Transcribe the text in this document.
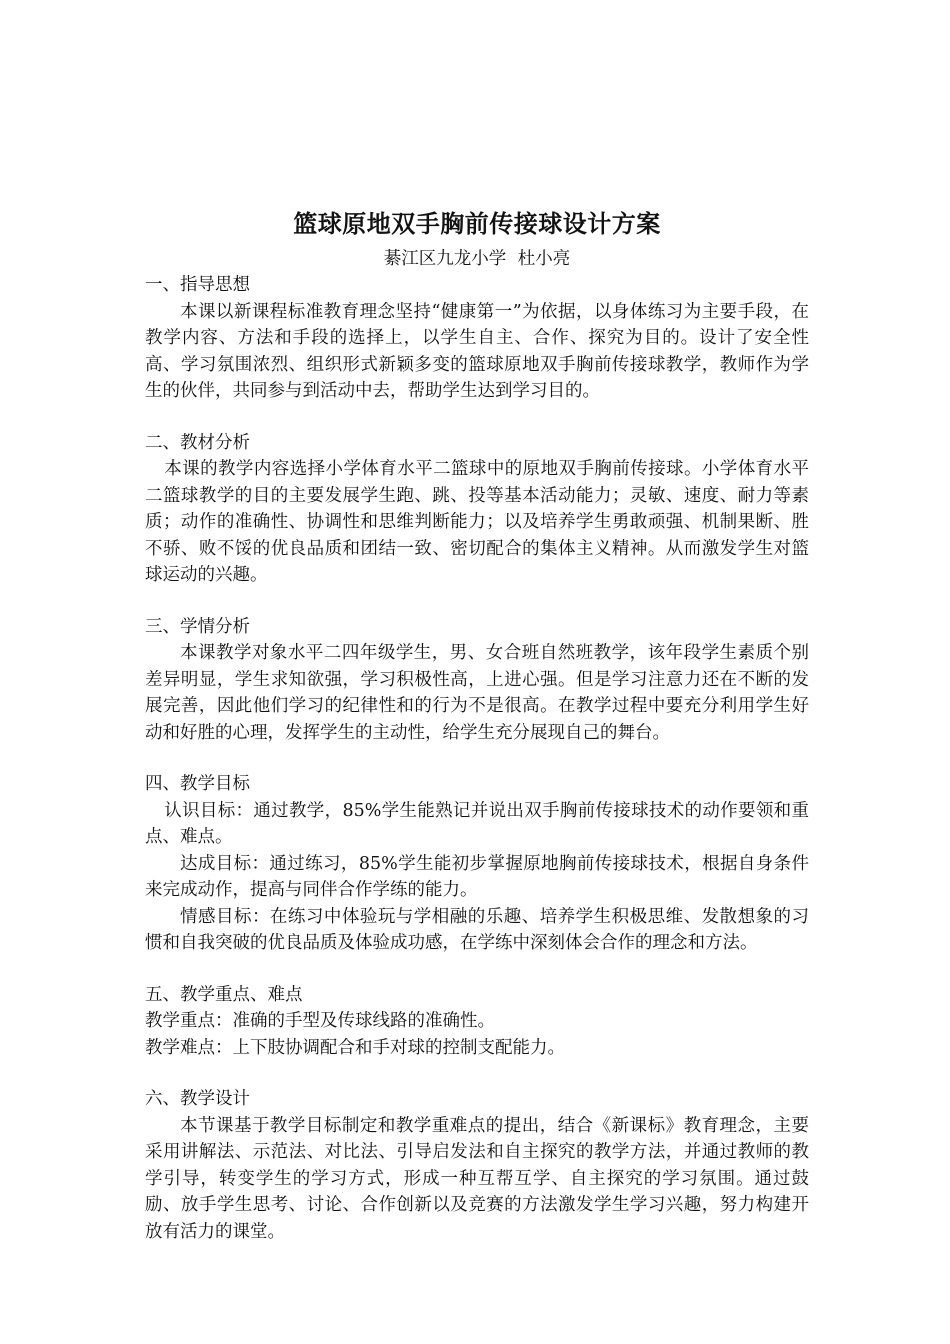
篮球原地双手胸前传接球设计方案

綦江区九龙小学 杜小亮

一、指导思想

本课以新课程标准教育理念坚持“健康第一”为依据，以身体练习为主要手段，在教学内容、方法和手段的选择上，以学生自主、合作、探究为目的。设计了安全性高、学习氛围浓烈、组织形式新颖多变的篮球原地双手胸前传接球教学，教师作为学生的伙伴，共同参与到活动中去，帮助学生达到学习目的。

二、教材分析

本课的教学内容选择小学体育水平二篮球中的原地双手胸前传接球。小学体育水平二篮球教学的目的主要发展学生跑、跳、投等基本活动能力；灵敏、速度、耐力等素质；动作的准确性、协调性和思维判断能力；以及培养学生勇敢顽强、机制果断、胜不骄、败不馁的优良品质和团结一致、密切配合的集体主义精神。从而激发学生对篮球运动的兴趣。

三、学情分析

本课教学对象水平二四年级学生，男、女合班自然班教学，该年段学生素质个别差异明显，学生求知欲强，学习积极性高，上进心强。但是学习注意力还在不断的发展完善，因此他们学习的纪律性和的行为不是很高。在教学过程中要充分利用学生好动和好胜的心理，发挥学生的主动性，给学生充分展现自己的舞台。

四、教学目标

认识目标：通过教学，85%学生能熟记并说出双手胸前传接球技术的动作要领和重点、难点。

达成目标：通过练习，85%学生能初步掌握原地胸前传接球技术，根据自身条件来完成动作，提高与同伴合作学练的能力。

情感目标：在练习中体验玩与学相融的乐趣、培养学生积极思维、发散想象的习惯和自我突破的优良品质及体验成功感，在学练中深刻体会合作的理念和方法。

五、教学重点、难点

教学重点：准确的手型及传球线路的准确性。

教学难点：上下肢协调配合和手对球的控制支配能力。

六、教学设计

本节课基于教学目标制定和教学重难点的提出，结合《新课标》教育理念，主要采用讲解法、示范法、对比法、引导启发法和自主探究的教学方法，并通过教师的教学引导，转变学生的学习方式，形成一种互帮互学、自主探究的学习氛围。通过鼓励、放手学生思考、讨论、合作创新以及竞赛的方法激发学生学习兴趣，努力构建开放有活力的课堂。
